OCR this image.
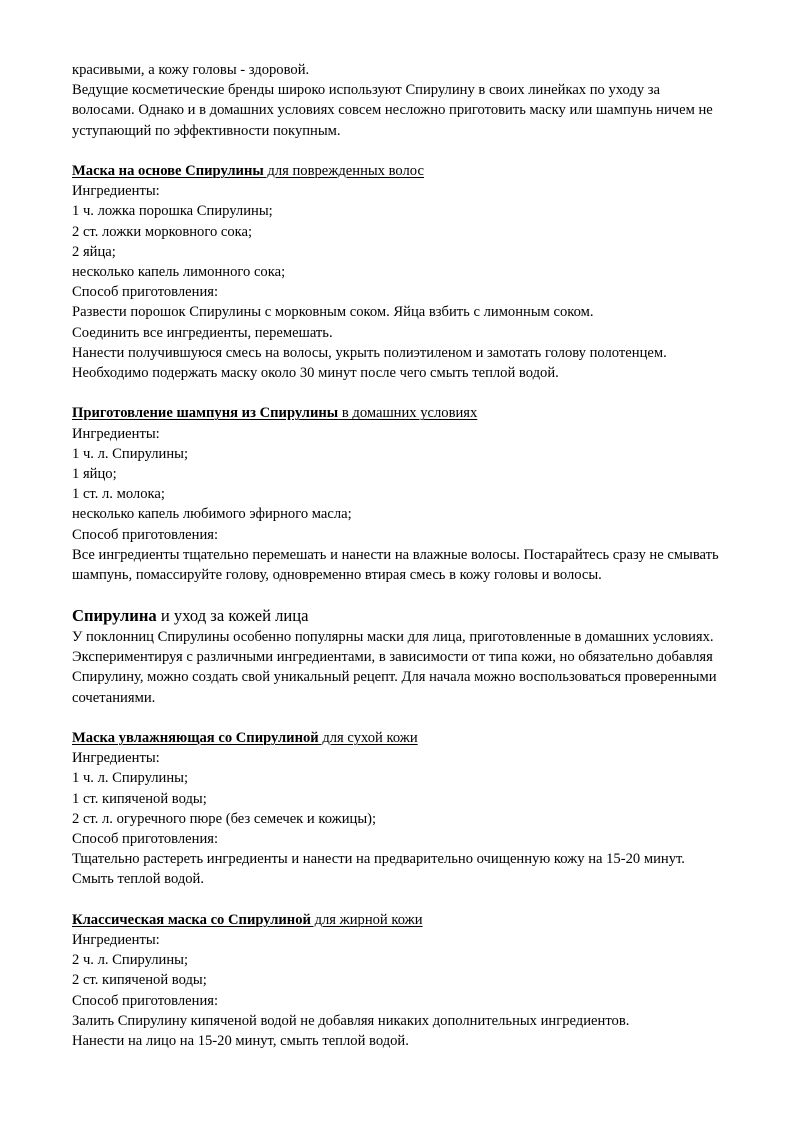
красивыми, а кожу головы - здоровой.

Ведущие косметические бренды широко используют Спирулину в своих линейках по уходу за волосами. Однако и в домашних условиях совсем несложно приготовить маску или шампунь ничем не уступающий по эффективности покупным.

Маска на основе Спирулины для поврежденных волос

Ингредиенты:

1 ч. ложка порошка Спирулины;

2 ст. ложки морковного сока;

2 яйца;

несколько капель лимонного сока;

Способ приготовления:

Развести порошок Спирулины с морковным соком. Яйца взбить с лимонным соком.

Соединить все ингредиенты, перемешать.

Нанести получившуюся смесь на волосы, укрыть полиэтиленом и замотать голову полотенцем.

Необходимо подержать маску около 30 минут после чего смыть теплой водой.

Приготовление шампуня из Спирулины в домашних условиях

Ингредиенты:

1 ч. л. Спирулины;

1 яйцо;

1 ст. л. молока;

несколько капель любимого эфирного масла;

Способ приготовления:

Все ингредиенты тщательно перемешать и нанести на влажные волосы. Постарайтесь сразу не смывать шампунь, помассируйте голову, одновременно втирая смесь в кожу головы и волосы.

Спирулина и уход за кожей лица

У поклонниц Спирулины особенно популярны маски для лица, приготовленные в домашних условиях. Экспериментируя с различными ингредиентами, в зависимости от типа кожи, но обязательно добавляя Спирулину, можно создать свой уникальный рецепт. Для начала можно воспользоваться проверенными сочетаниями.

Маска увлажняющая со Спирулиной для сухой кожи

Ингредиенты:

1 ч. л. Спирулины;

1 ст. кипяченой воды;

2 ст. л. огуречного пюре (без семечек и кожицы);

Способ приготовления:

Тщательно растереть ингредиенты и нанести на предварительно очищенную кожу на 15-20 минут. Смыть теплой водой.

Классическая маска со Спирулиной для жирной кожи

Ингредиенты:

2 ч. л. Спирулины;

2 ст. кипяченой воды;

Способ приготовления:

Залить Спирулину кипяченой водой не добавляя никаких дополнительных ингредиентов.

Нанести на лицо на 15-20 минут, смыть теплой водой.
